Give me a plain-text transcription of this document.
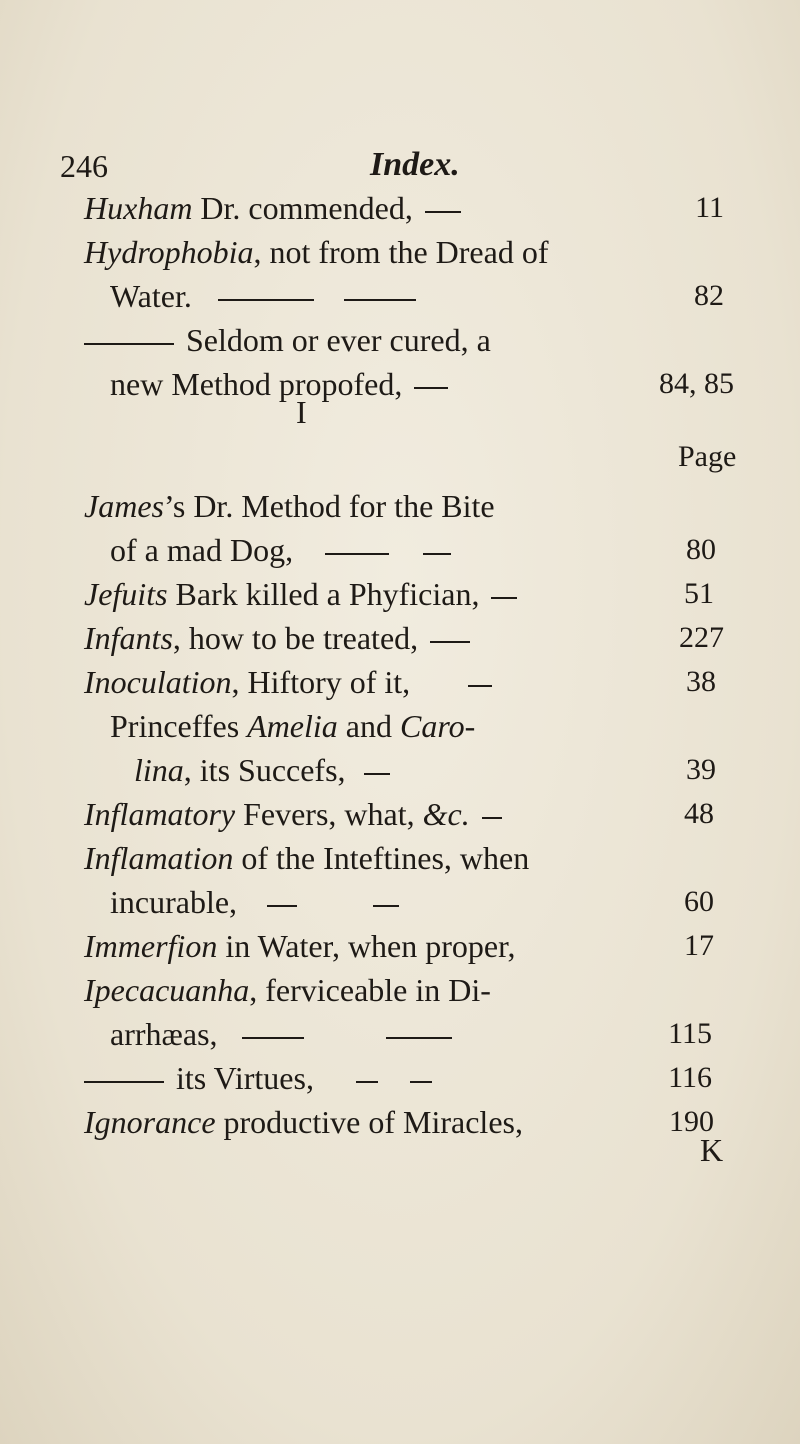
246	Index.
Huxham Dr. commended,	11
Hydrophobia, not from the Dread of
Water.	82
Seldom or ever cured, a
new Method propofed,	84, 85
I
Page
James’s Dr. Method for the Bite
of a mad Dog,	80
Jefuits Bark killed a Phyfician,	51
Infants, how to be treated,	227
Inoculation, Hiftory of it,	38
Princeffes Amelia and Caro-
lina, its Succefs,	39
Inflamatory Fevers, what, &c.	48
Inflamation of the Inteftines, when
incurable,	60
Immerfion in Water, when proper,	17
Ipecacuanha, ferviceable in Di-
arrhæas,	115
its Virtues,	116
Ignorance productive of Miracles,	190
K
